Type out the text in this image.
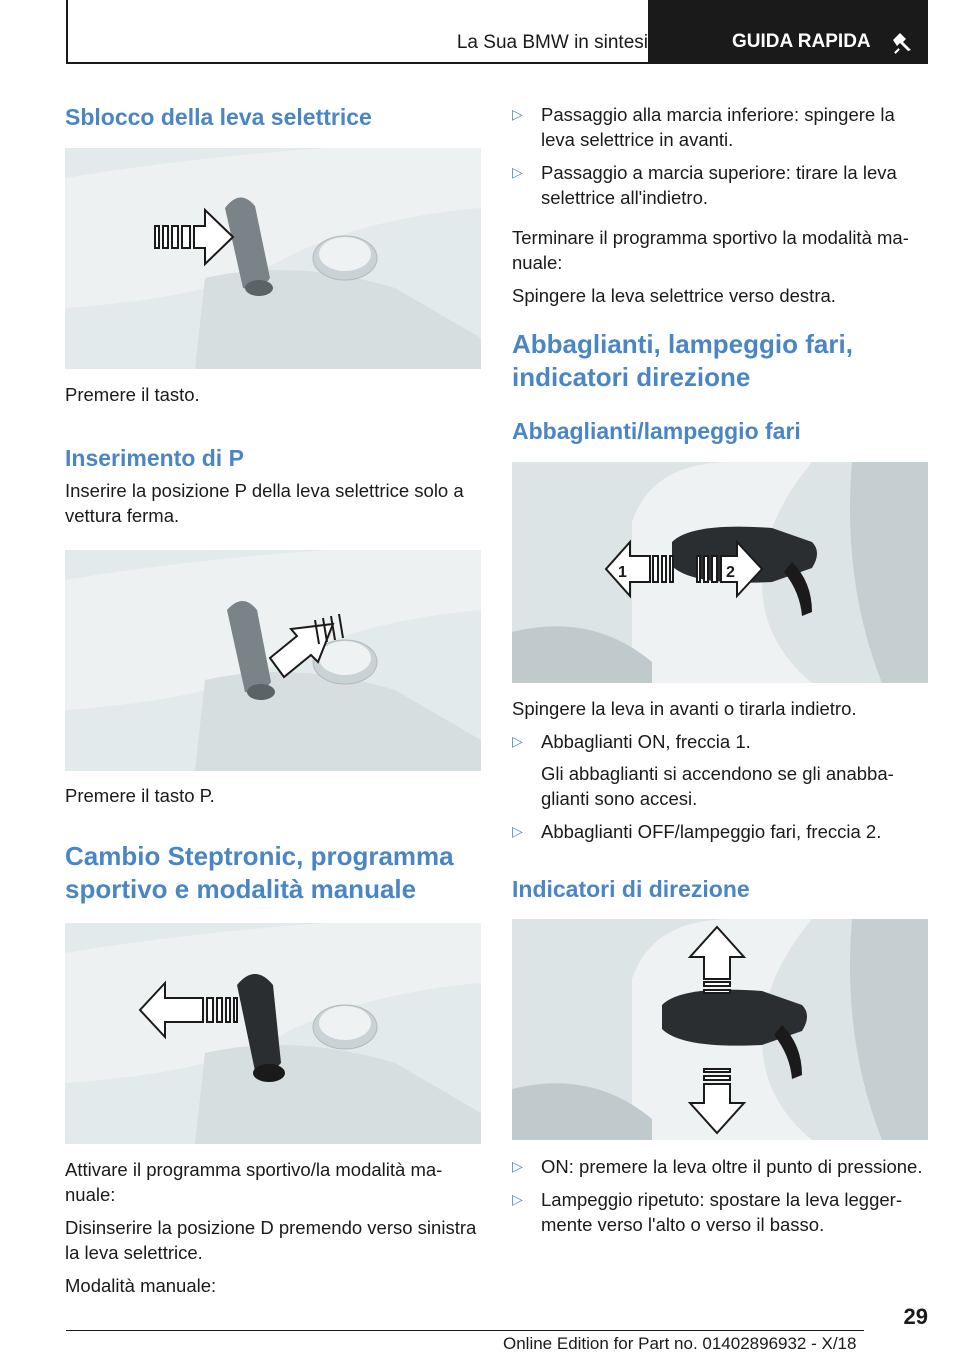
La Sua BMW in sintesi	GUIDA RAPIDA
Sblocco della leva selettrice

Premere il tasto.

Inserimento di P

Inserire la posizione P della leva selettrice solo a vettura ferma.

Premere il tasto P.

Cambio Steptronic, programma sportivo e modalità manuale

Attivare il programma sportivo/la modalità manuale:

Disinserire la posizione D premendo verso sinistra la leva selettrice.

Modalità manuale:

▷ Passaggio alla marcia inferiore: spingere la leva selettrice in avanti.
▷ Passaggio a marcia superiore: tirare la leva selettrice all'indietro.

Terminare il programma sportivo la modalità manuale:

Spingere la leva selettrice verso destra.

Abbaglianti, lampeggio fari, indicatori direzione
Abbaglianti/lampeggio fari
1	2

Spingere la leva in avanti o tirarla indietro.

▷ Abbaglianti ON, freccia 1.
Gli abbaglianti si accendono se gli anabbaglianti sono accesi.
▷ Abbaglianti OFF/lampeggio fari, freccia 2.
Indicatori di direzione
▷ ON: premere la leva oltre il punto di pressione.
▷ Lampeggio ripetuto: spostare la leva leggermente verso l'alto o verso il basso.
29
Online Edition for Part no. 01402896932 - X/18
